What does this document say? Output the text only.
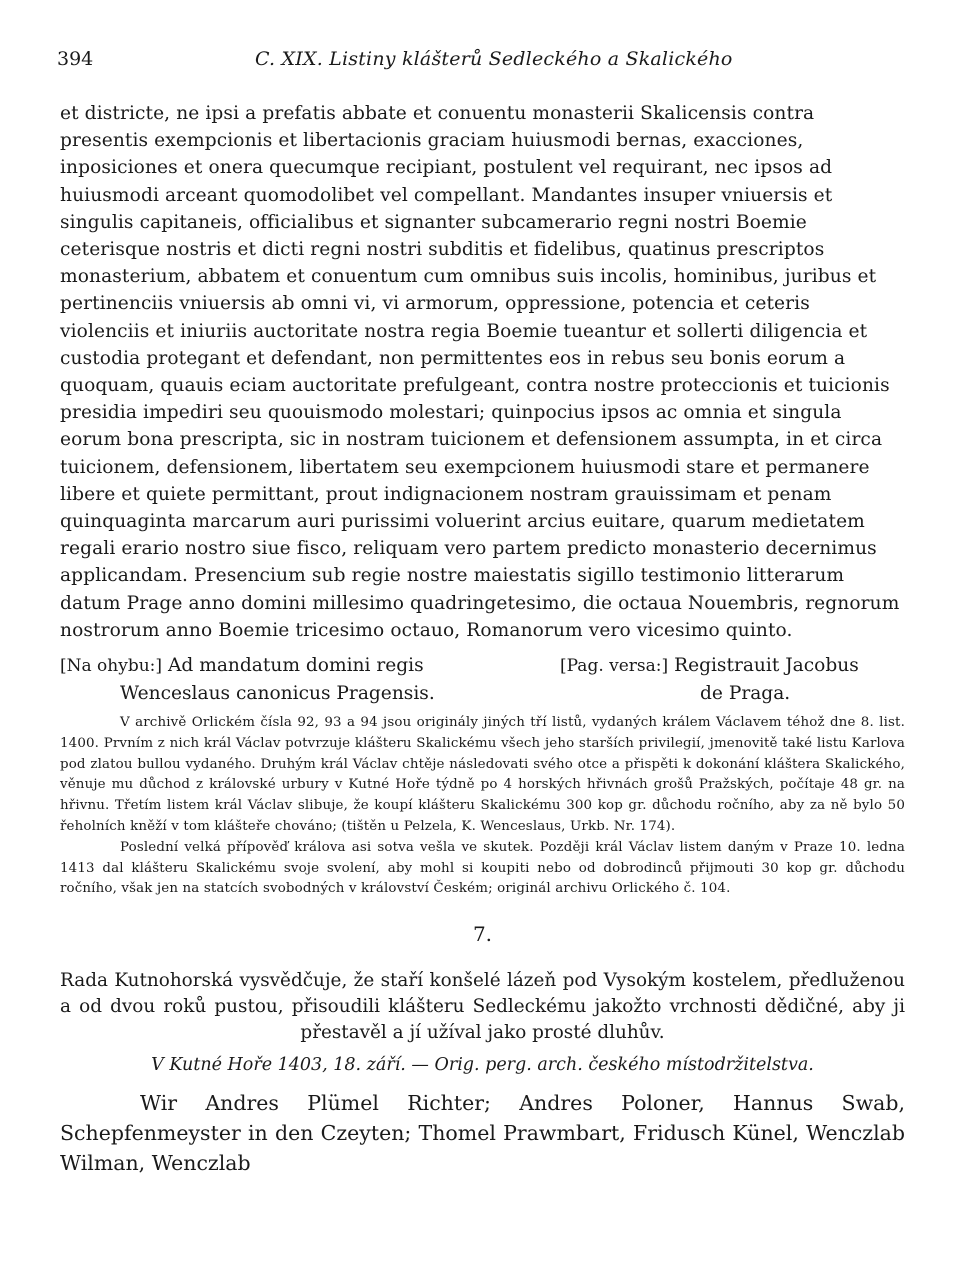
394	C. XIX. Listiny klášterů Sedleckého a Skalického

et districte, ne ipsi a prefatis abbate et conuentu monasterii Skalicensis contra presentis exempcionis et libertacionis graciam huiusmodi bernas, exacciones, inposiciones et onera quecumque recipiant, postulent vel requirant, nec ipsos ad huiusmodi arceant quomodolibet vel compellant. Mandantes insuper vniuersis et singulis capitaneis, officialibus et signanter subcamerario regni nostri Boemie ceterisque nostris et dicti regni nostri subditis et fidelibus, quatinus prescriptos monasterium, abbatem et conuentum cum omnibus suis incolis, hominibus, juribus et pertinenciis vniuersis ab omni vi, vi armorum, oppressione, potencia et ceteris violenciis et iniuriis auctoritate nostra regia Boemie tueantur et sollerti diligencia et custodia protegant et defendant, non permittentes eos in rebus seu bonis eorum a quoquam, quauis eciam auctoritate prefulgeant, contra nostre proteccionis et tuicionis presidia impediri seu quouismodo molestari; quinpocius ipsos ac omnia et singula eorum bona prescripta, sic in nostram tuicionem et defensionem assumpta, in et circa tuicionem, defensionem, libertatem seu exempcionem huiusmodi stare et permanere libere et quiete permittant, prout indignacionem nostram grauissimam et penam quinquaginta marcarum auri purissimi voluerint arcius euitare, quarum medietatem regali erario nostro siue fisco, reliquam vero partem predicto monasterio decernimus applicandam. Presencium sub regie nostre maiestatis sigillo testimonio litterarum datum Prage anno domini millesimo quadringetesimo, die octaua Nouembris, regnorum nostrorum anno Boemie tricesimo octauo, Romanorum vero vicesimo quinto.

[Na ohybu:] Ad mandatum domini regis
Wenceslaus canonicus Pragensis.
[Pag. versa:] Registrauit Jacobus
de Praga.

V archivě Orlickém čísla 92, 93 a 94 jsou originály jiných tří listů, vydaných králem Václavem téhož dne 8. list. 1400. Prvním z nich král Václav potvrzuje klášteru Skalickému všech jeho starších privilegií, jmenovitě také listu Karlova pod zlatou bullou vydaného. Druhým král Václav chtěje následovati svého otce a přispěti k dokonání kláštera Skalického, věnuje mu důchod z královské urbury v Kutné Hoře týdně po 4 horských hřivnách grošů Pražských, počítaje 48 gr. na hřivnu. Třetím listem král Václav slibuje, že koupí klášteru Skalickému 300 kop gr. důchodu ročního, aby za ně bylo 50 řeholních kněží v tom klášteře chováno; (tištěn u Pelzela, K. Wenceslaus, Urkb. Nr. 174).

Poslední velká přípověď králova asi sotva vešla ve skutek. Později král Václav listem daným v Praze 10. ledna 1413 dal klášteru Skalickému svoje svolení, aby mohl si koupiti nebo od dobrodinců přijmouti 30 kop gr. důchodu ročního, však jen na statcích svobodných v království Českém; originál archivu Orlického č. 104.

7.
Rada Kutnohorská vysvědčuje, že staří konšelé lázeň pod Vysokým kostelem, předluženou a od dvou roků pustou, přisoudili klášteru Sedleckému jakožto vrchnosti dědičné, aby ji přestavěl a jí užíval jako prosté dluhův.
V Kutné Hoře 1403, 18. září. — Orig. perg. arch. českého místodržitelstva.
Wir Andres Plümel Richter; Andres Poloner, Hannus Swab, Schepfenmeyster in den Czeyten; Thomel Prawmbart, Fridusch Künel, Wenczlab Wilman, Wenczlab
